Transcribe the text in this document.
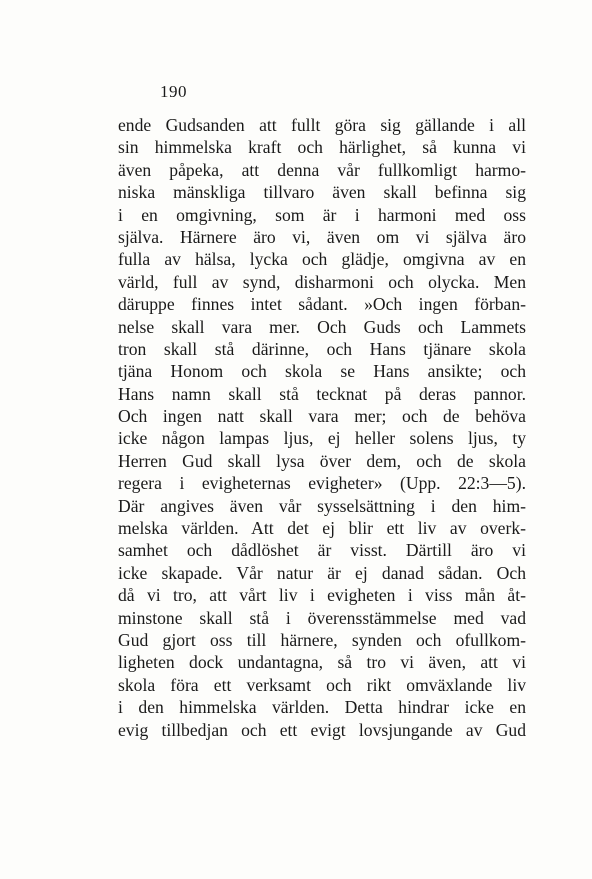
190
ende Gudsanden att fullt göra sig gällande i all
sin himmelska kraft och härlighet, så kunna vi
även påpeka, att denna vår fullkomligt harmo-
niska mänskliga tillvaro även skall befinna sig
i en omgivning, som är i harmoni med oss
själva. Härnere äro vi, även om vi själva äro
fulla av hälsa, lycka och glädje, omgivna av en
värld, full av synd, disharmoni och olycka. Men
däruppe finnes intet sådant. »Och ingen förban-
nelse skall vara mer. Och Guds och Lammets
tron skall stå därinne, och Hans tjänare skola
tjäna Honom och skola se Hans ansikte; och
Hans namn skall stå tecknat på deras pannor.
Och ingen natt skall vara mer; och de behöva
icke någon lampas ljus, ej heller solens ljus, ty
Herren Gud skall lysa över dem, och de skola
regera i evigheternas evigheter» (Upp. 22:3—5).
Där angives även vår sysselsättning i den him-
melska världen. Att det ej blir ett liv av overk-
samhet och dådlöshet är visst. Därtill äro vi
icke skapade. Vår natur är ej danad sådan. Och
då vi tro, att vårt liv i evigheten i viss mån åt-
minstone skall stå i överensstämmelse med vad
Gud gjort oss till härnere, synden och ofullkom-
ligheten dock undantagna, så tro vi även, att vi
skola föra ett verksamt och rikt omväxlande liv
i den himmelska världen. Detta hindrar icke en
evig tillbedjan och ett evigt lovsjungande av Gud
